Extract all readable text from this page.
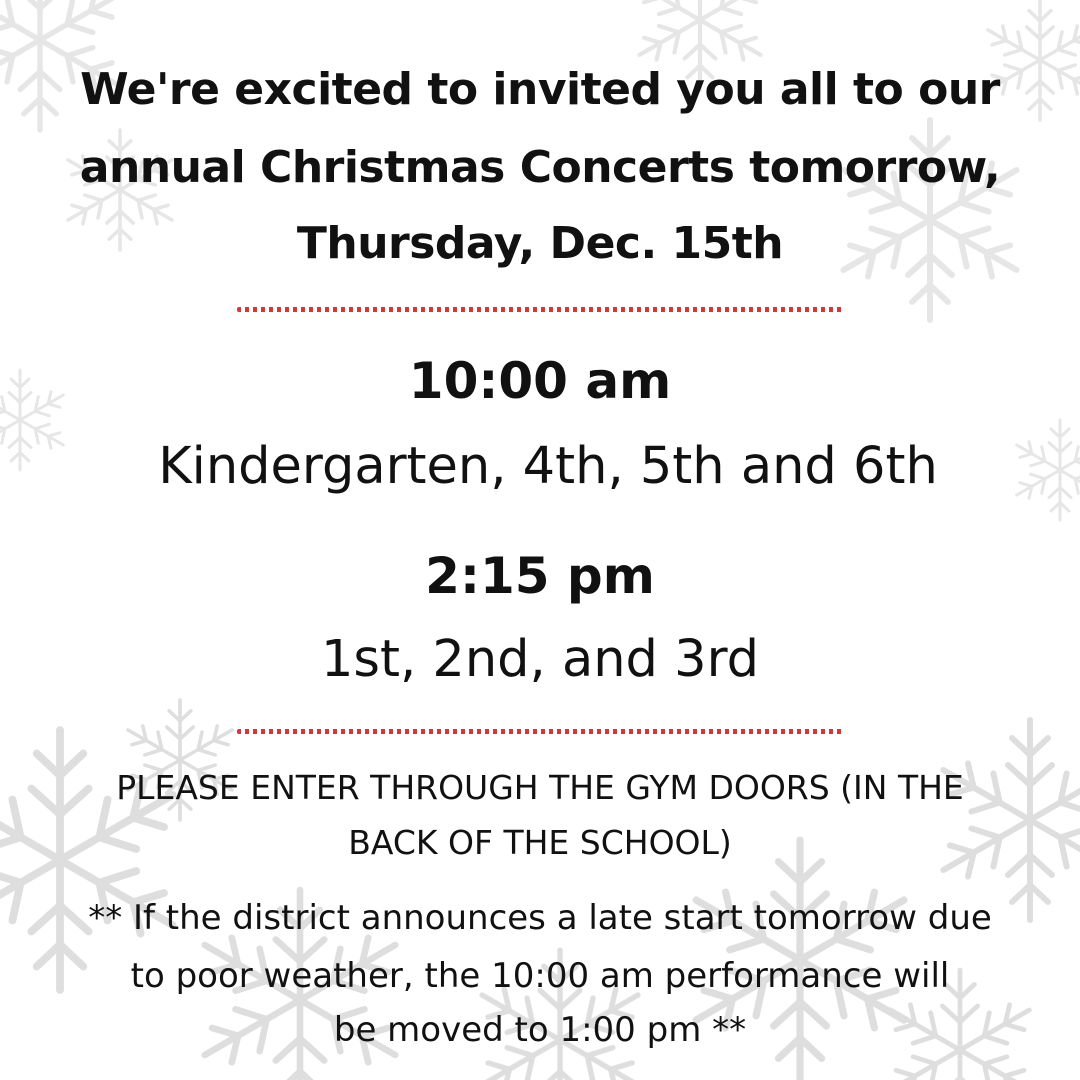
We're excited to invited you all to our
annual Christmas Concerts tomorrow,
Thursday, Dec. 15th
10:00 am
Kindergarten, 4th, 5th and 6th
2:15 pm
1st, 2nd, and 3rd
PLEASE ENTER THROUGH THE GYM DOORS (IN THE
BACK OF THE SCHOOL)
** If the district announces a late start tomorrow due
to poor weather, the 10:00 am performance will
be moved to 1:00 pm **
